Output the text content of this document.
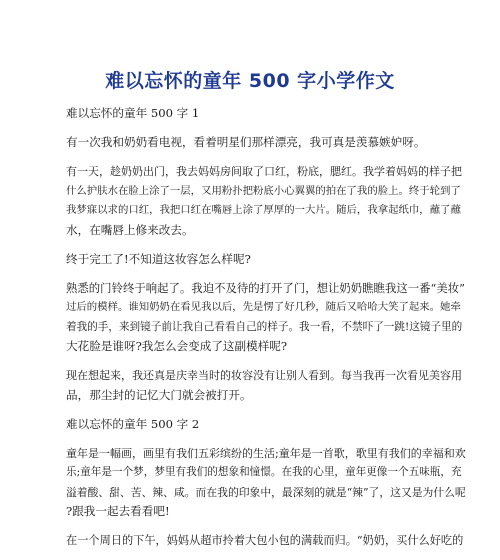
难以忘怀的童年 500 字小学作文
难以忘怀的童年 500 字 1
有一次我和奶奶看电视，看着明星们那样漂亮，我可真是羡慕嫉妒呀。
有一天，趁奶奶出门，我去妈妈房间取了口红，粉底，腮红。我学着妈妈的样子把
什么护肤水在脸上涂了一层，又用粉扑把粉底小心翼翼的拍在了我的脸上。终于轮到了
我梦寐以求的口红，我把口红在嘴唇上涂了厚厚的一大片。随后，我拿起纸巾，蘸了蘸
水，在嘴唇上修来改去。
终于完工了!不知道这妆容怎么样呢?
熟悉的门铃终于响起了。我迫不及待的打开了门，想让奶奶瞧瞧我这一番“美妆”
过后的模样。谁知奶奶在看见我以后，先是愣了好几秒，随后又哈哈大笑了起来。她牵
着我的手，来到镜子前让我自己看看自己的样子。我一看，不禁吓了一跳!这镜子里的
大花脸是谁呀?我怎么会变成了这副模样呢?
现在想起来，我还真是庆幸当时的妆容没有让别人看到。每当我再一次看见美容用
品，那尘封的记忆大门就会被打开。
难以忘怀的童年 500 字 2
童年是一幅画，画里有我们五彩缤纷的生活;童年是一首歌，歌里有我们的幸福和欢
乐;童年是一个梦，梦里有我们的想象和憧憬。在我的心里，童年更像一个五味瓶，充
溢着酸、甜、苦、辣、咸。而在我的印象中，最深刻的就是“辣”了，这又是为什么呢
?跟我一起去看看吧!
在一个周日的下午，妈妈从超市拎着大包小包的满载而归。“奶奶，买什么好吃的
